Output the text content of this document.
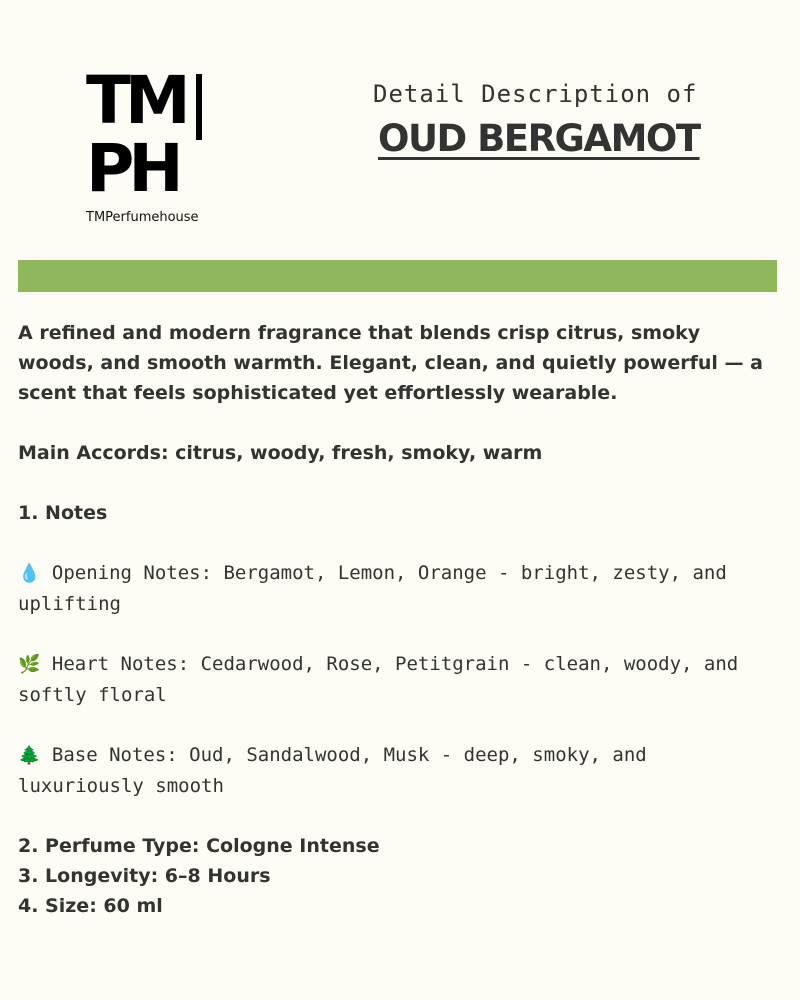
TM
PH
TMPerfumehouse
Detail Description of
OUD BERGAMOT

A refined and modern fragrance that blends crisp citrus, smoky woods, and smooth warmth. Elegant, clean, and quietly powerful — a scent that feels sophisticated yet effortlessly wearable.

Main Accords: citrus, woody, fresh, smoky, warm

1. Notes

💧 Opening Notes: Bergamot, Lemon, Orange - bright, zesty, and uplifting

🌿 Heart Notes: Cedarwood, Rose, Petitgrain - clean, woody, and softly floral

🌲 Base Notes: Oud, Sandalwood, Musk - deep, smoky, and luxuriously smooth

2. Perfume Type: Cologne Intense

3. Longevity: 6–8 Hours

4. Size: 60 ml
